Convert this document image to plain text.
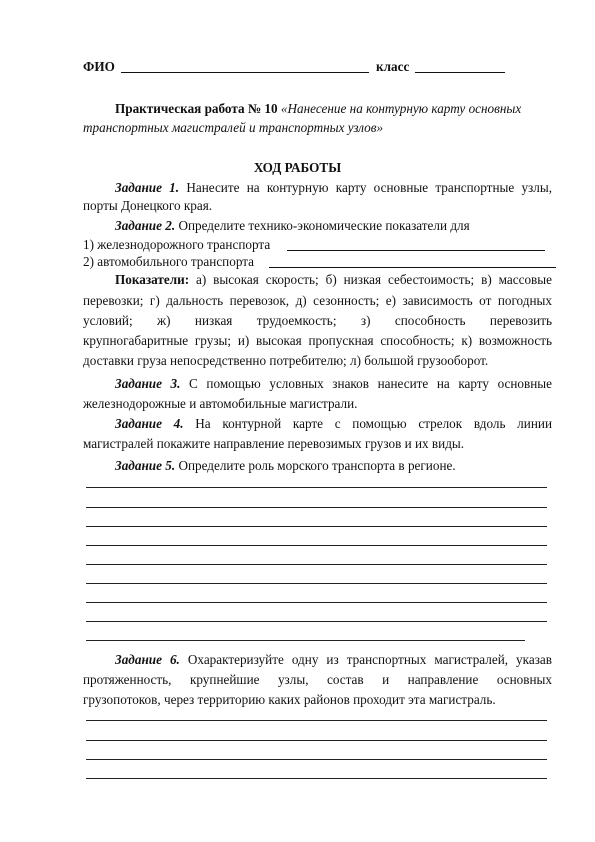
ФИО	класс
Практическая работа № 10 «Нанесение на контурную карту основных
транспортных магистралей и транспортных узлов»
ХОД РАБОТЫ
Задание 1. Нанесите на контурную карту основные транспортные узлы,
порты Донецкого края.
Задание 2. Определите технико-экономические показатели для
1) железнодорожного транспорта
2) автомобильного транспорта
Показатели: а) высокая скорость; б) низкая себестоимость; в) массовые
перевозки; г) дальность перевозок, д) сезонность; е) зависимость от погодных
условий; ж) низкая трудоемкость; з) способность перевозить
крупногабаритные грузы; и) высокая пропускная способность; к) возможность
доставки груза непосредственно потребителю; л) большой грузооборот.
Задание 3. С помощью условных знаков нанесите на карту основные
железнодорожные и автомобильные магистрали.
Задание 4. На контурной карте с помощью стрелок вдоль линии
магистралей покажите направление перевозимых грузов и их виды.
Задание 5. Определите роль морского транспорта в регионе.
Задание 6. Охарактеризуйте одну из транспортных магистралей, указав
протяженность, крупнейшие узлы, состав и направление основных
грузопотоков, через территорию каких районов проходит эта магистраль.
